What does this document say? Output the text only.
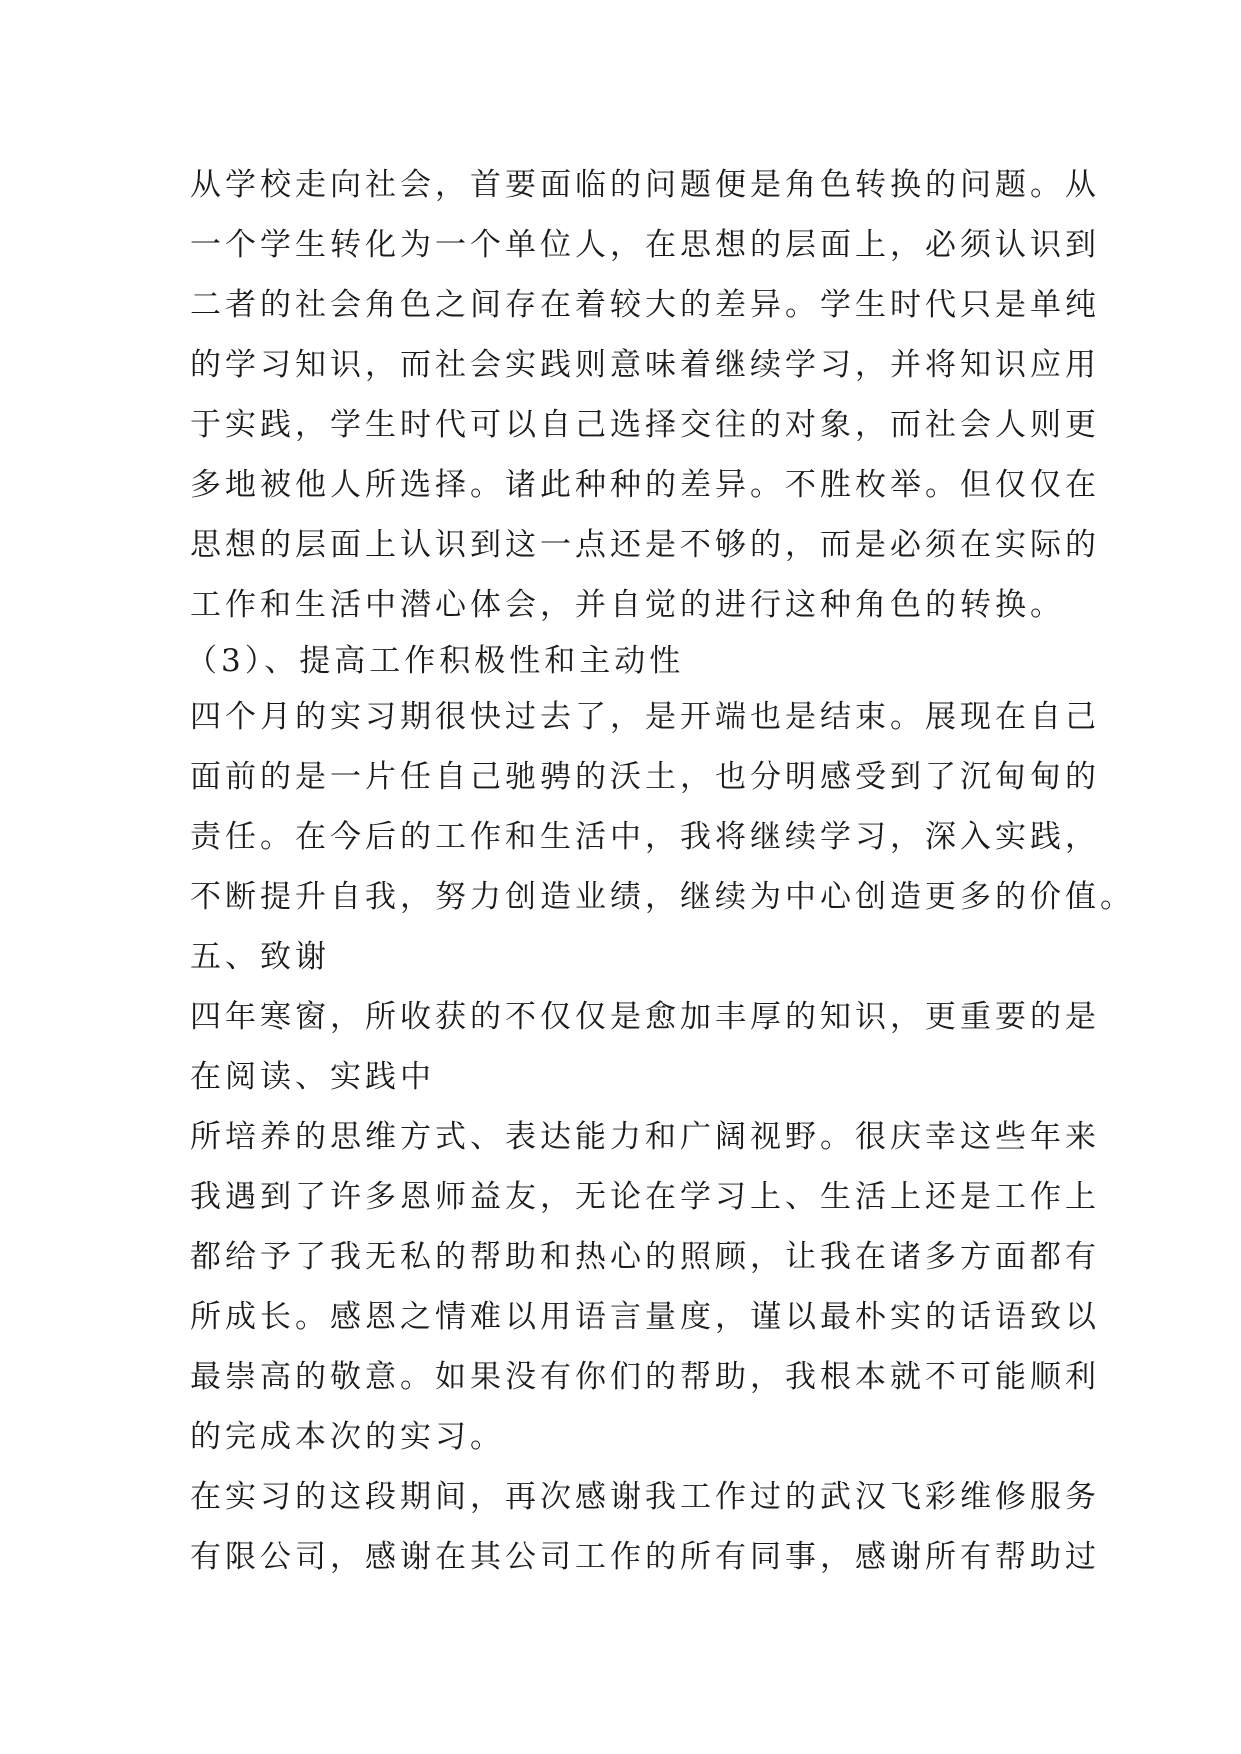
从学校走向社会，首要面临的问题便是角色转换的问题。从

一个学生转化为一个单位人，在思想的层面上，必须认识到

二者的社会角色之间存在着较大的差异。学生时代只是单纯

的学习知识，而社会实践则意味着继续学习，并将知识应用

于实践，学生时代可以自己选择交往的对象，而社会人则更

多地被他人所选择。诸此种种的差异。不胜枚举。但仅仅在

思想的层面上认识到这一点还是不够的，而是必须在实际的

工作和生活中潜心体会，并自觉的进行这种角色的转换。

（3）、提高工作积极性和主动性

四个月的实习期很快过去了，是开端也是结束。展现在自己

面前的是一片任自己驰骋的沃土，也分明感受到了沉甸甸的

责任。在今后的工作和生活中，我将继续学习，深入实践，

不断提升自我，努力创造业绩，继续为中心创造更多的价值。

五、致谢

四年寒窗，所收获的不仅仅是愈加丰厚的知识，更重要的是

在阅读、实践中

所培养的思维方式、表达能力和广阔视野。很庆幸这些年来

我遇到了许多恩师益友，无论在学习上、生活上还是工作上

都给予了我无私的帮助和热心的照顾，让我在诸多方面都有

所成长。感恩之情难以用语言量度，谨以最朴实的话语致以

最崇高的敬意。如果没有你们的帮助，我根本就不可能顺利

的完成本次的实习。

在实习的这段期间，再次感谢我工作过的武汉飞彩维修服务

有限公司，感谢在其公司工作的所有同事，感谢所有帮助过
